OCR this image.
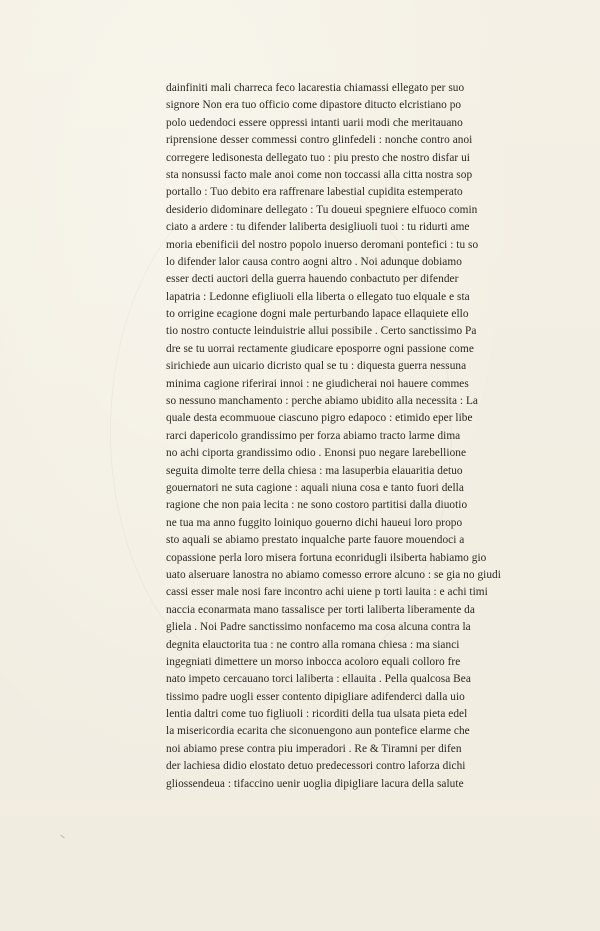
dainfiniti mali charreca feco lacarestia chiamassi ellegato per suo
signore Non era tuo officio come dipastore ditucto elcristiano po
polo uedendoci essere oppressi intanti uarii modi che meritauano
riprensione desser commessi contro glinfedeli : nonche contro anoi
corregere ledisonesta dellegato tuo : piu presto che nostro disfar ui
sta nonsussi facto male anoi come non toccassi alla citta nostra sop
portallo : Tuo debito era raffrenare labestial cupidita estemperato
desiderio didominare dellegato : Tu doueui spegniere elfuoco comin
ciato a ardere : tu difender laliberta desigliuoli tuoi : tu ridurti ame
moria ebenificii del nostro popolo inuerso deromani pontefici : tu so
lo difender lalor causa contro aogni altro . Noi adunque dobiamo
esser decti auctori della guerra hauendo conbactuto per difender
lapatria : Ledonne efigliuoli ella liberta o ellegato tuo elquale e sta
to orrigine ecagione dogni male perturbando lapace ellaquiete ello
tio nostro contucte leinduistrie allui possibile . Certo sanctissimo Pa
dre se tu uorrai rectamente giudicare eposporre ogni passione come
sirichiede aun uicario dicristo qual se tu : diquesta guerra nessuna
minima cagione riferirai innoi : ne giudicherai noi hauere commes
so nessuno manchamento : perche abiamo ubidito alla necessita : La
quale desta ecommuoue ciascuno pigro edapoco : etimido eper libe
rarci dapericolo grandissimo per forza abiamo tracto larme dima
no achi ciporta grandissimo odio . Enonsi puo negare larebellione
seguita dimolte terre della chiesa : ma lasuperbia elauaritia detuo
gouernatori ne suta cagione : aquali niuna cosa e tanto fuori della
ragione che non paia lecita : ne sono costoro partitisi dalla diuotio
ne tua ma anno fuggito loiniquo gouerno dichi haueui loro propo
sto aquali se abiamo prestato inqualche parte fauore mouendoci a
copassione perla loro misera fortuna econridugli ilsiberta habiamo gio
uato alseruare lanostra no abiamo comesso errore alcuno : se gia no giudi
cassi esser male nosi fare incontro achi uiene p torti lauita : e achi timi
naccia econarmata mano tassalisce per torti laliberta liberamente da
gliela . Noi Padre sanctissimo nonfacemo ma cosa alcuna contra la
degnita elauctorita tua : ne contro alla romana chiesa : ma sianci
ingegniati dimettere un morso inbocca acoloro equali colloro fre
nato impeto cercauano torci laliberta : ellauita . Pella qualcosa Bea
tissimo padre uogli esser contento dipigliare adifenderci dalla uio
lentia daltri come tuo figliuoli : ricorditi della tua ulsata pieta edel
la misericordia ecarita che siconuengono aun pontefice elarme che
noi abiamo prese contra piu imperadori . Re & Tiramni per difen
der lachiesa didio elostato detuo predecessori contro laforza dichi
gliossendeua : tifaccino uenir uoglia dipigliare lacura della salute
